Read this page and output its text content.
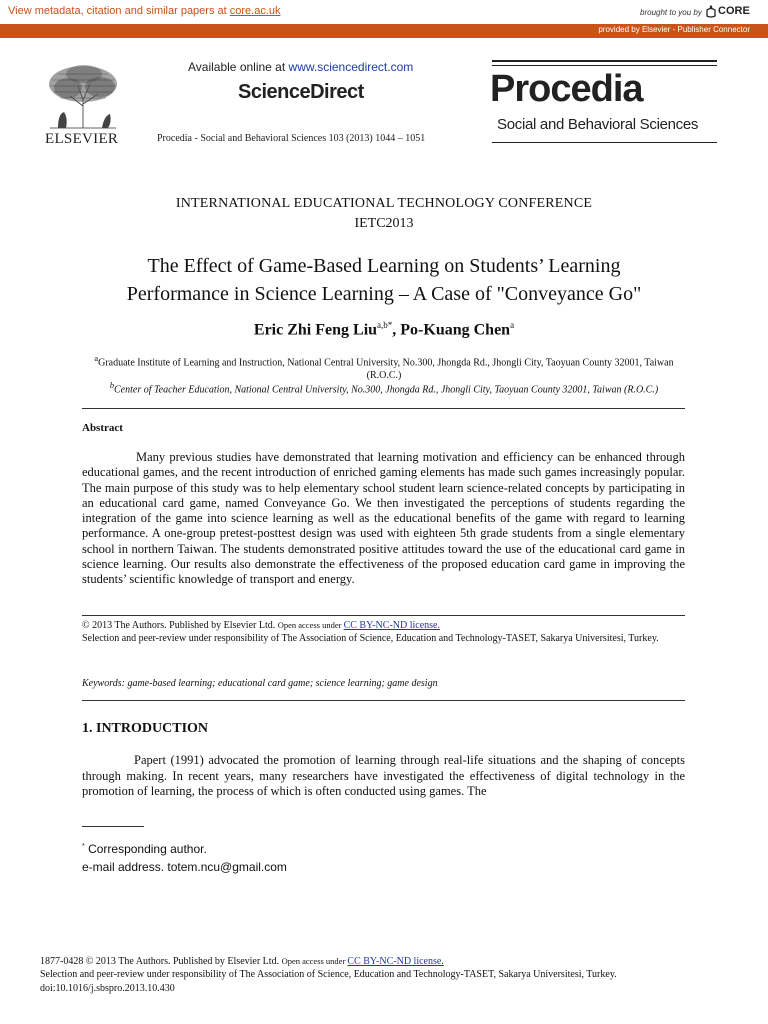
View metadata, citation and similar papers at core.ac.uk	brought to you by CORE
provided by Elsevier - Publisher Connector
ELSEVIER
Available online at www.sciencedirect.com
ScienceDirect
Procedia - Social and Behavioral Sciences 103 (2013) 1044 – 1051
Procedia
Social and Behavioral Sciences
INTERNATIONAL EDUCATIONAL TECHNOLOGY CONFERENCE
IETC2013
The Effect of Game-Based Learning on Students’ Learning
Performance in Science Learning – A Case of "Conveyance Go"
Eric Zhi Feng Liu$^{a,b*}$, Po-Kuang Chen$^a$
$^a$Graduate Institute of Learning and Instruction, National Central University, No.300, Jhongda Rd., Jhongli City, Taoyuan County 32001, Taiwan (R.O.C.)
$^b$Center of Teacher Education, National Central University, No.300, Jhongda Rd., Jhongli City, Taoyuan County 32001, Taiwan (R.O.C.)
Abstract
Many previous studies have demonstrated that learning motivation and efficiency can be enhanced through educational games, and the recent introduction of enriched gaming elements has made such games increasingly popular. The main purpose of this study was to help elementary school student learn science-related concepts by participating in an educational card game, named Conveyance Go. We then investigated the perceptions of students regarding the integration of the game into science learning as well as the educational benefits of the game with regard to learning performance. A one-group pretest-posttest design was used with eighteen 5th grade students from a single elementary school in northern Taiwan. The students demonstrated positive attitudes toward the use of the educational card game in science learning. Our results also demonstrate the effectiveness of the proposed education card game in improving the students’ scientific knowledge of transport and energy.
© 2013 The Authors. Published by Elsevier Ltd. Open access under CC BY-NC-ND license.
Selection and peer-review under responsibility of The Association of Science, Education and Technology-TASET, Sakarya Universitesi, Turkey.
Keywords: game-based learning; educational card game; science learning; game design
1. INTRODUCTION
Papert (1991) advocated the promotion of learning through real-life situations and the shaping of concepts through making. In recent years, many researchers have investigated the effectiveness of digital technology in the promotion of learning, the process of which is often conducted using games. The
* Corresponding author.
e-mail address. totem.ncu@gmail.com
1877-0428 © 2013 The Authors. Published by Elsevier Ltd. Open access under CC BY-NC-ND license.
Selection and peer-review under responsibility of The Association of Science, Education and Technology-TASET, Sakarya Universitesi, Turkey.
doi:10.1016/j.sbspro.2013.10.430
